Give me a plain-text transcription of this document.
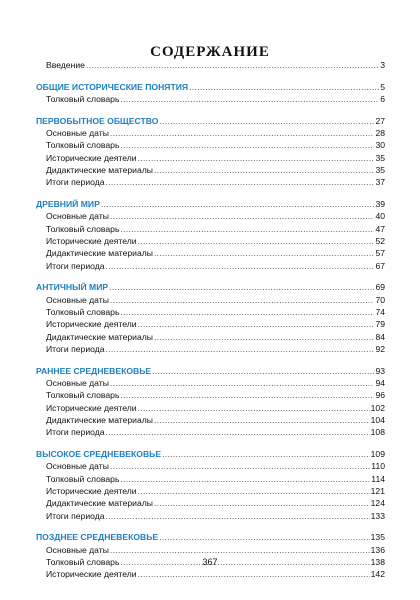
СОДЕРЖАНИЕ
Введение .....	3
ОБЩИЕ ИСТОРИЧЕСКИЕ ПОНЯТИЯ .....	5
Толковый словарь .....	6
ПЕРВОБЫТНОЕ ОБЩЕСТВО .....	27
Основные даты .....	28
Толковый словарь .....	30
Исторические деятели .....	35
Дидактические материалы .....	35
Итоги периода .....	37
ДРЕВНИЙ МИР .....	39
Основные даты .....	40
Толковый словарь .....	47
Исторические деятели .....	52
Дидактические материалы .....	57
Итоги периода .....	67
АНТИЧНЫЙ МИР .....	69
Основные даты .....	70
Толковый словарь .....	74
Исторические деятели .....	79
Дидактические материалы .....	84
Итоги периода .....	92
РАННЕЕ СРЕДНЕВЕКОВЬЕ .....	93
Основные даты .....	94
Толковый словарь .....	96
Исторические деятели .....	102
Дидактические материалы .....	104
Итоги периода .....	108
ВЫСОКОЕ СРЕДНЕВЕКОВЬЕ .....	109
Основные даты .....	110
Толковый словарь .....	114
Исторические деятели .....	121
Дидактические материалы .....	124
Итоги периода .....	133
ПОЗДНЕЕ СРЕДНЕВЕКОВЬЕ .....	135
Основные даты .....	136
Толковый словарь .....	138
Исторические деятели .....	142
367
